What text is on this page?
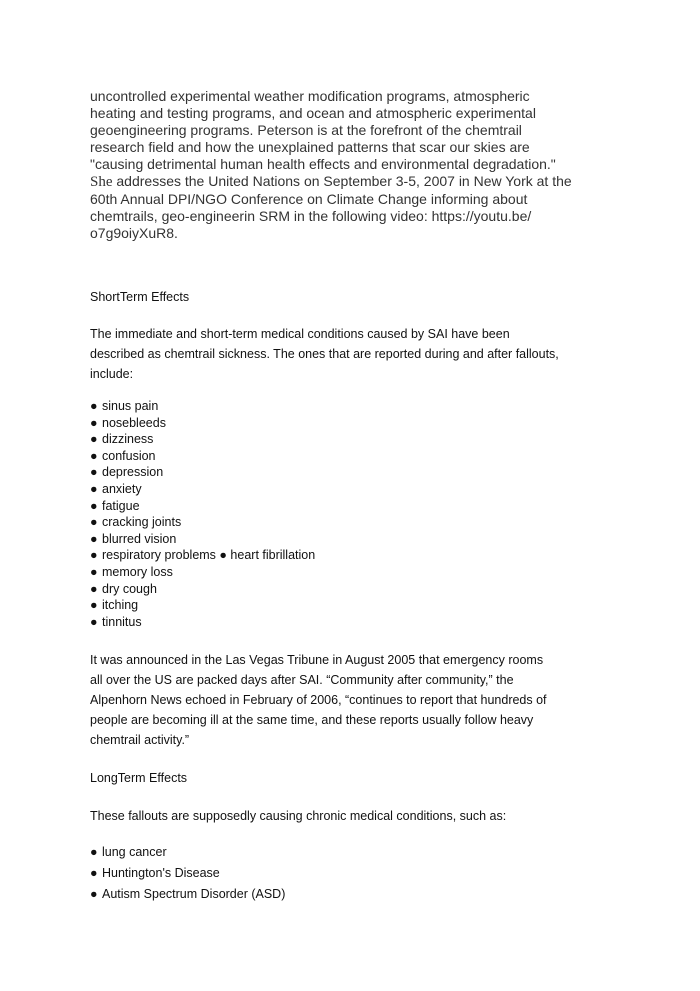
uncontrolled experimental weather modification programs, atmospheric
heating and testing programs, and ocean and atmospheric experimental
geoengineering programs. Peterson is at the forefront of the chemtrail
research field and how the unexplained patterns that scar our skies are
"causing detrimental human health effects and environmental degradation."
She addresses the United Nations on September 3-5, 2007 in New York at the
60th Annual DPI/NGO Conference on Climate Change informing about
chemtrails, geo-engineerin SRM in the following video: https://youtu.be/
o7g9oiyXuR8.

ShortTerm Effects

The immediate and short-term medical conditions caused by SAI have been
described as chemtrail sickness. The ones that are reported during and after fallouts,
include:
● sinus pain
● nosebleeds
● dizziness
● confusion
● depression
● anxiety
● fatigue
● cracking joints
● blurred vision
● respiratory problems ● heart fibrillation
● memory loss
● dry cough
● itching
● tinnitus
It was announced in the Las Vegas Tribune in August 2005 that emergency rooms
all over the US are packed days after SAI. “Community after community,” the
Alpenhorn News echoed in February of 2006, “continues to report that hundreds of
people are becoming ill at the same time, and these reports usually follow heavy
chemtrail activity.”

LongTerm Effects

These fallouts are supposedly causing chronic medical conditions, such as:
● lung cancer
● Huntington's Disease
● Autism Spectrum Disorder (ASD)
